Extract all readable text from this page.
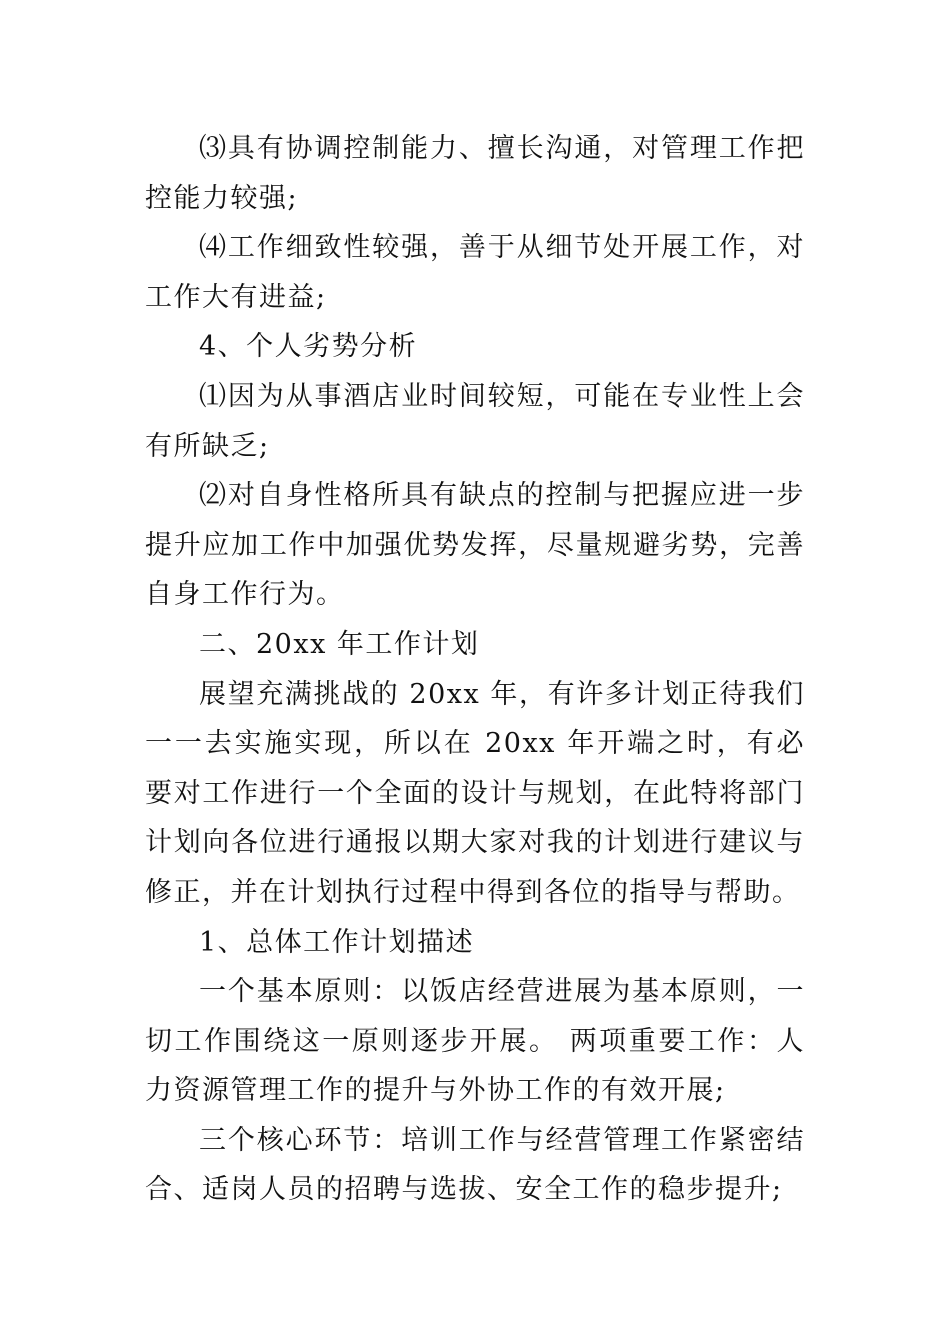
⑶具有协调控制能力、擅长沟通，对管理工作把控能力较强;

⑷工作细致性较强，善于从细节处开展工作，对工作大有进益;

4、个人劣势分析

⑴因为从事酒店业时间较短，可能在专业性上会有所缺乏;

⑵对自身性格所具有缺点的控制与把握应进一步提升应加工作中加强优势发挥，尽量规避劣势，完善自身工作行为。

二、20xx 年工作计划

展望充满挑战的 20xx 年，有许多计划正待我们一一去实施实现，所以在 20xx 年开端之时，有必要对工作进行一个全面的设计与规划，在此特将部门计划向各位进行通报以期大家对我的计划进行建议与修正，并在计划执行过程中得到各位的指导与帮助。

1、总体工作计划描述

一个基本原则：以饭店经营进展为基本原则，一切工作围绕这一原则逐步开展。 两项重要工作：人力资源管理工作的提升与外协工作的有效开展;

三个核心环节：培训工作与经营管理工作紧密结合、适岗人员的招聘与选拔、安全工作的稳步提升;
